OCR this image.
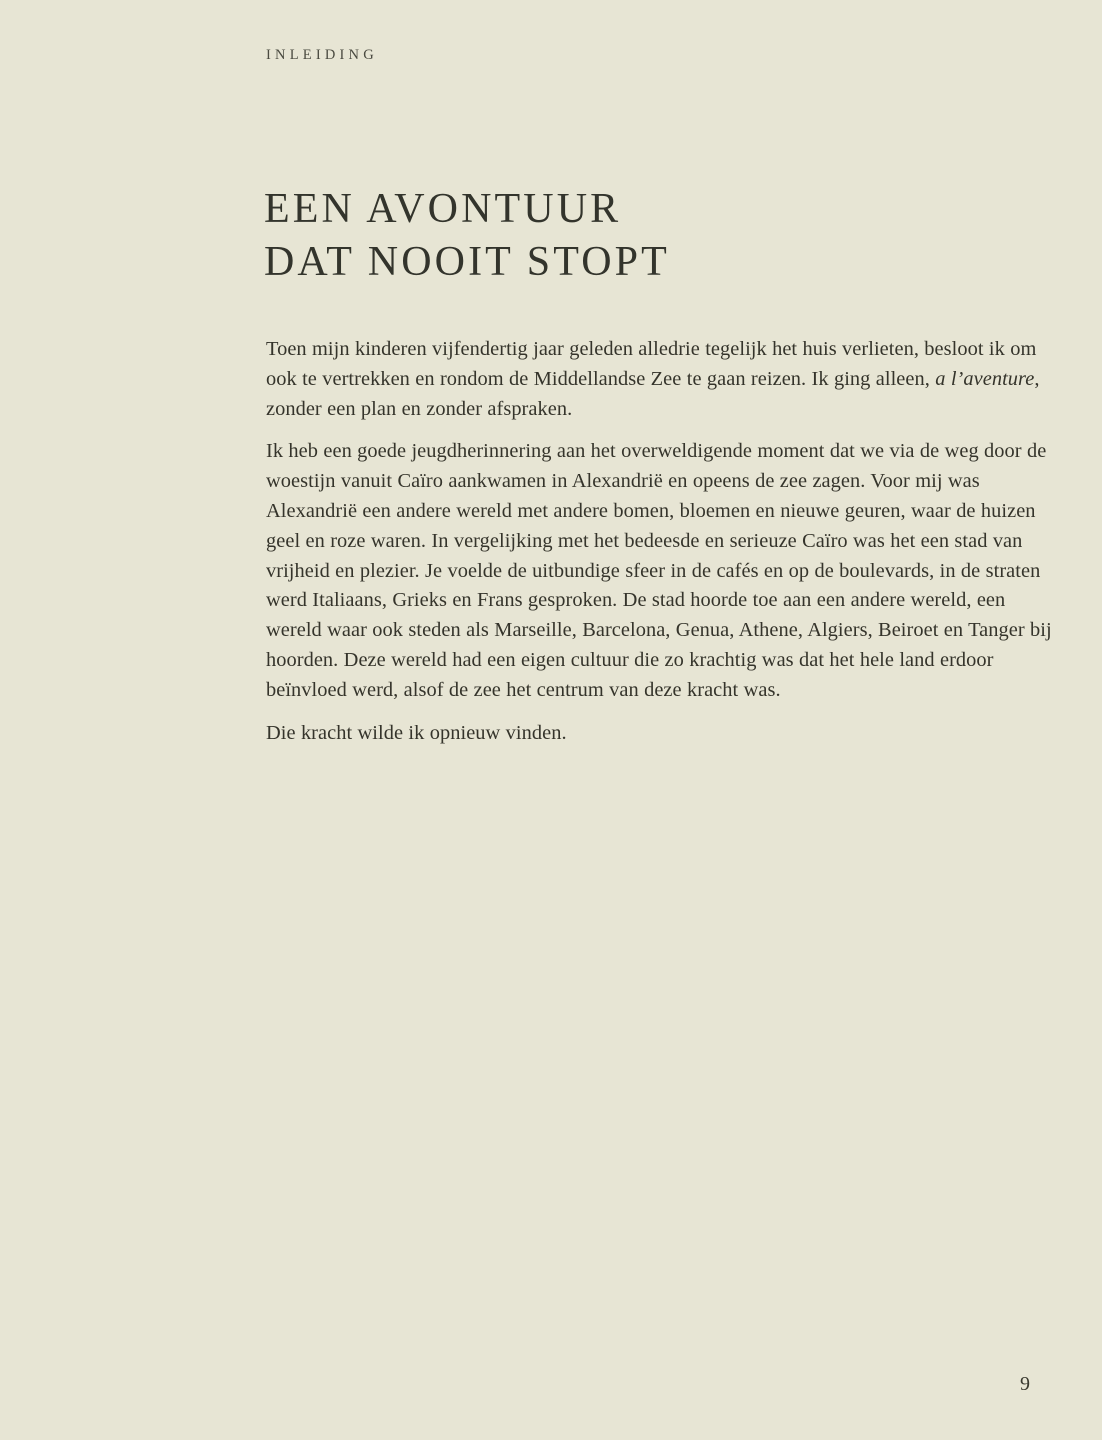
INLEIDING
EEN AVONTUUR
DAT NOOIT STOPT

Toen mijn kinderen vijfendertig jaar geleden alledrie tegelijk het huis verlieten, besloot ik om ook te vertrekken en rondom de Middellandse Zee te gaan reizen. Ik ging alleen, a l’aventure, zonder een plan en zonder afspraken.

Ik heb een goede jeugdherinnering aan het overweldigende moment dat we via de weg door de woestijn vanuit Caïro aankwamen in Alexandrië en opeens de zee zagen. Voor mij was Alexandrië een andere wereld met andere bomen, bloemen en nieuwe geuren, waar de huizen geel en roze waren. In vergelijking met het bedeesde en serieuze Caïro was het een stad van vrijheid en plezier. Je voelde de uitbundige sfeer in de cafés en op de boulevards, in de straten werd Italiaans, Grieks en Frans gesproken. De stad hoorde toe aan een andere wereld, een wereld waar ook steden als Marseille, Barcelona, Genua, Athene, Algiers, Beiroet en Tanger bij hoorden. Deze wereld had een eigen cultuur die zo krachtig was dat het hele land erdoor beïnvloed werd, alsof de zee het centrum van deze kracht was.

Die kracht wilde ik opnieuw vinden.

9
